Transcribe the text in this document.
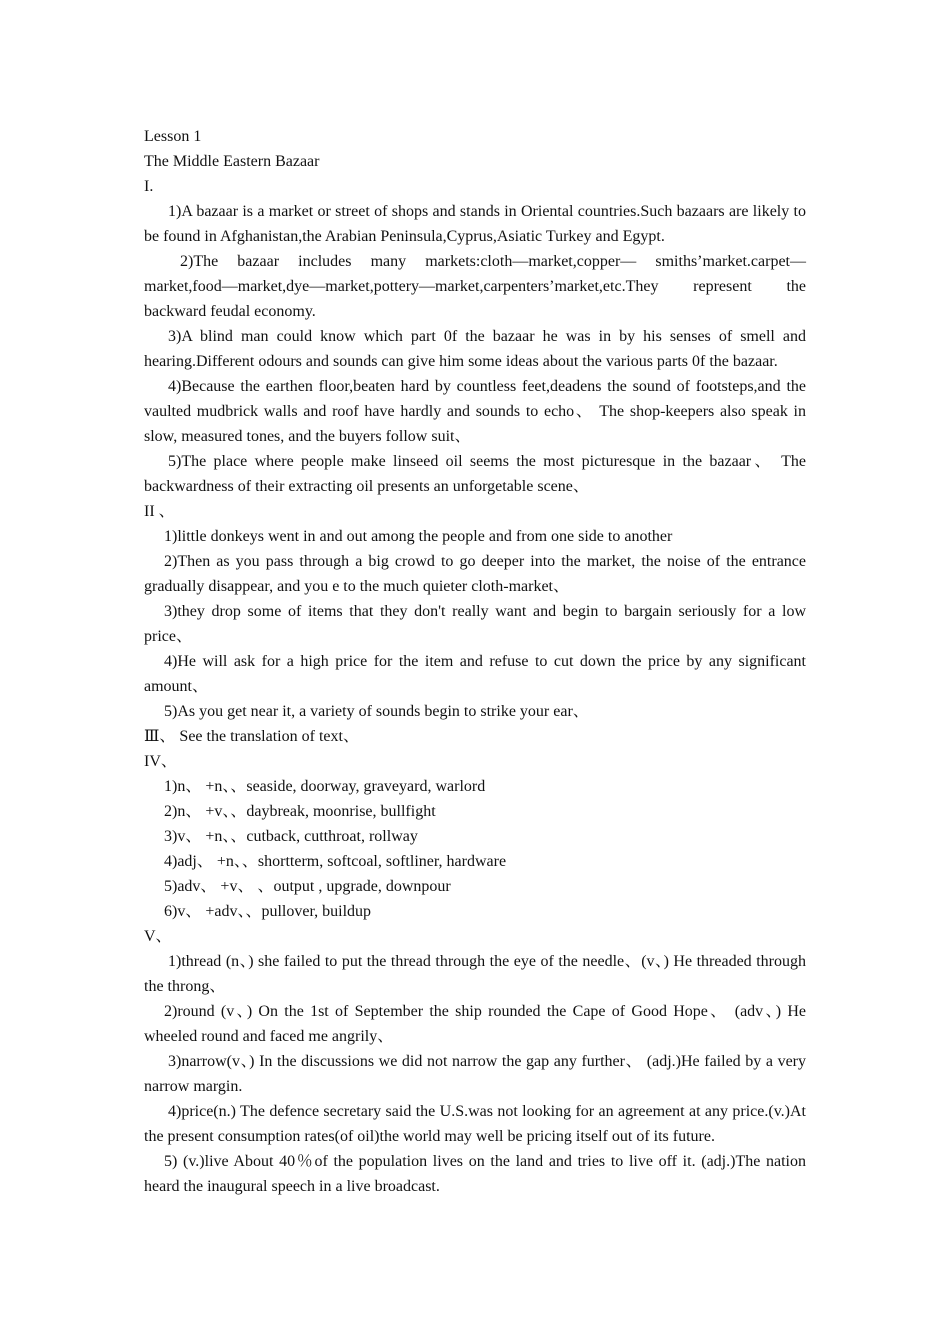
Lesson 1

The Middle Eastern Bazaar

I.

1)A bazaar is a market or street of shops and stands in Oriental countries.Such bazaars are likely to be found in Afghanistan,the Arabian Peninsula,Cyprus,Asiatic Turkey and Egypt.

2)The bazaar includes many markets:cloth—market,copper— smiths’market.carpet—market,food—market,dye—market,pottery—market,carpenters’market,etc.They represent the backward feudal economy.

3)A blind man could know which part 0f the bazaar he was in by his senses of smell and hearing.Different odours and sounds can give him some ideas about the various parts 0f the bazaar.

4)Because the earthen floor,beaten hard by countless feet,deadens the sound of footsteps,and the vaulted mudbrick walls and roof have hardly and sounds to echo、 The shop-keepers also speak in slow, measured tones, and the buyers follow suit、

5)The place where people make linseed oil seems the most picturesque in the bazaar、 The backwardness of their extracting oil presents an unforgetable scene、

II 、

1)little donkeys went in and out among the people and from one side to another

2)Then as you pass through a big crowd to go deeper into the market, the noise of the entrance gradually disappear, and you e to the much quieter cloth-market、

3)they drop some of items that they don't really want and begin to bargain seriously for a low price、

4)He will ask for a high price for the item and refuse to cut down the price by any significant amount、

5)As you get near it, a variety of sounds begin to strike your ear、

Ⅲ、 See the translation of text、

IV、

1)n、 +n、、seaside, doorway, graveyard, warlord

2)n、 +v、、daybreak, moonrise, bullfight

3)v、 +n、、cutback, cutthroat, rollway

4)adj、 +n、、shortterm, softcoal, softliner, hardware

5)adv、 +v、 、output , upgrade, downpour

6)v、 +adv、、pullover, buildup

V、

1)thread (n、) she failed to put the thread through the eye of the needle、(v、) He threaded through the throng、

2)round (v、) On the 1st of September the ship rounded the Cape of Good Hope、 (adv、) He wheeled round and faced me angrily、

3)narrow(v、) In the discussions we did not narrow the gap any further、 (adj.)He failed by a very narrow margin.

4)price(n.) The defence secretary said the U.S.was not looking for an agreement at any price.(v.)At the present consumption rates(of oil)the world may well be pricing itself out of its future.

5) (v.)live About 40％of the population lives on the land and tries to live off it. (adj.)The nation heard the inaugural speech in a live broadcast.
